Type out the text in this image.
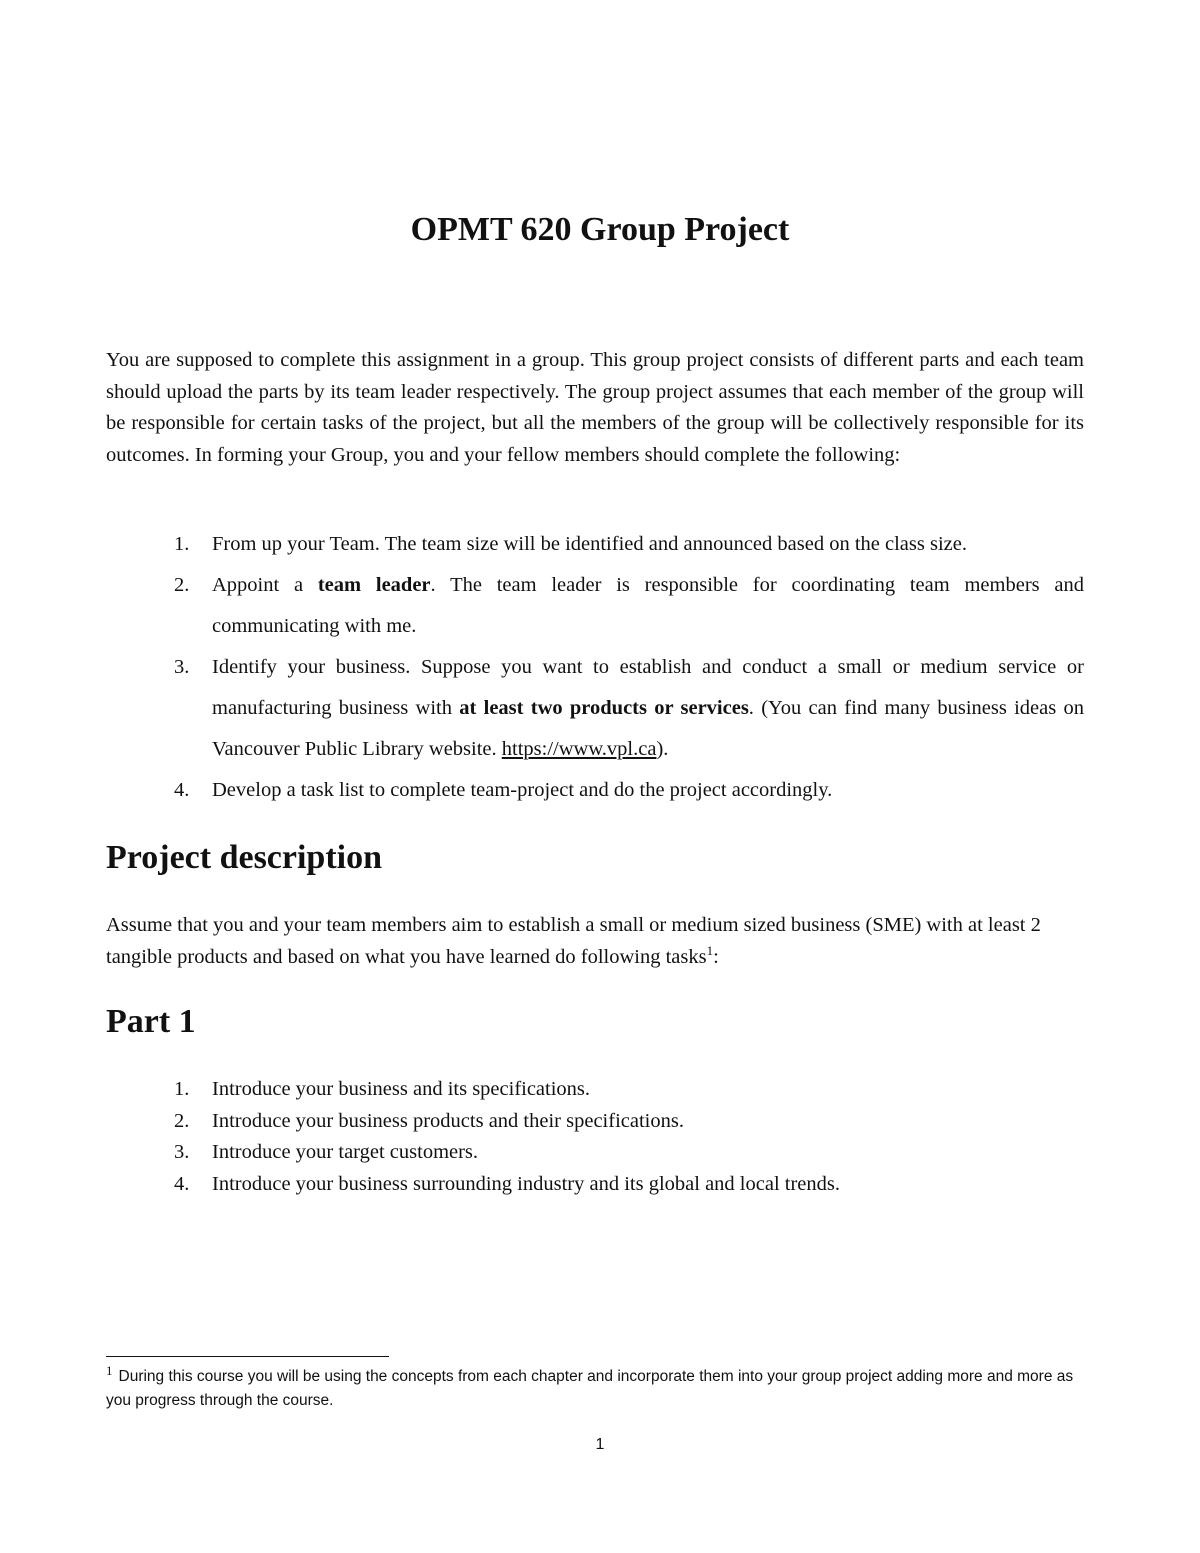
OPMT 620 Group Project

You are supposed to complete this assignment in a group. This group project consists of different parts and each team should upload the parts by its team leader respectively. The group project assumes that each member of the group will be responsible for certain tasks of the project, but all the members of the group will be collectively responsible for its outcomes. In forming your Group, you and your fellow members should complete the following:

1. From up your Team. The team size will be identified and announced based on the class size.
2. Appoint a team leader. The team leader is responsible for coordinating team members and communicating with me.
3. Identify your business. Suppose you want to establish and conduct a small or medium service or manufacturing business with at least two products or services. (You can find many business ideas on Vancouver Public Library website. https://www.vpl.ca).
4. Develop a task list to complete team-project and do the project accordingly.
Project description

Assume that you and your team members aim to establish a small or medium sized business (SME) with at least 2 tangible products and based on what you have learned do following tasks$^1$:

Part 1
1. Introduce your business and its specifications.
2. Introduce your business products and their specifications.
3. Introduce your target customers.
4. Introduce your business surrounding industry and its global and local trends.

$^1$ During this course you will be using the concepts from each chapter and incorporate them into your group project adding more and more as you progress through the course.

1
